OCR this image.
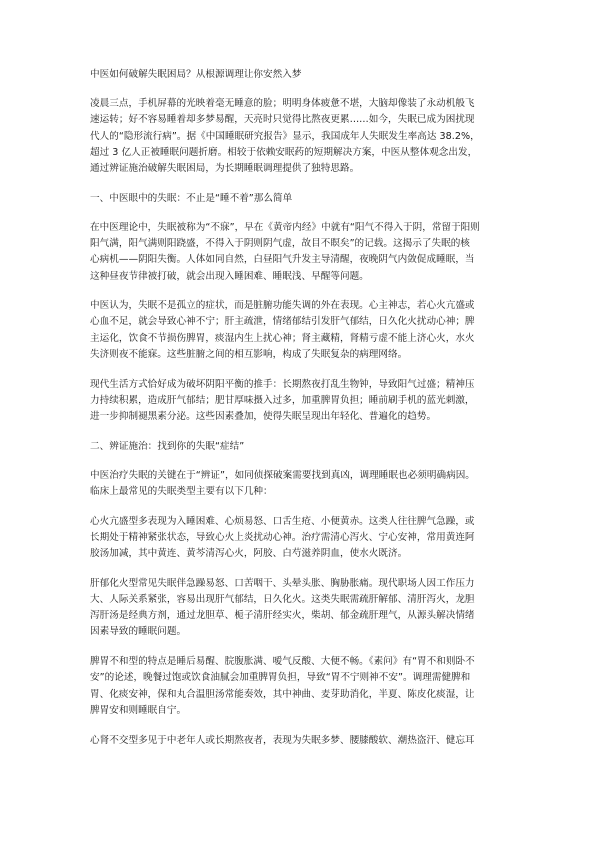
中医如何破解失眠困局？从根源调理让你安然入梦
凌晨三点，手机屏幕的光映着毫无睡意的脸；明明身体疲惫不堪，大脑却像装了永动机般飞
速运转；好不容易睡着却多梦易醒，天亮时只觉得比熬夜更累……如今，失眠已成为困扰现
代人的“隐形流行病”。据《中国睡眠研究报告》显示，我国成年人失眠发生率高达 38.2%，
超过 3 亿人正被睡眠问题折磨。相较于依赖安眠药的短期解决方案，中医从整体观念出发，
通过辨证施治破解失眠困局，为长期睡眠调理提供了独特思路。
一、中医眼中的失眠：不止是“睡不着”那么简单
在中医理论中，失眠被称为“不寐”，早在《黄帝内经》中就有“阳气不得入于阴，常留于阳则
阳气满，阳气满则阳跷盛，不得入于阴则阴气虚，故目不瞑矣”的记载。这揭示了失眠的核
心病机——阴阳失衡。人体如同自然，白昼阳气升发主导清醒，夜晚阴气内敛促成睡眠，当
这种昼夜节律被打破，就会出现入睡困难、睡眠浅、早醒等问题。
中医认为，失眠不是孤立的症状，而是脏腑功能失调的外在表现。心主神志，若心火亢盛或
心血不足，就会导致心神不宁；肝主疏泄，情绪郁结引发肝气郁结，日久化火扰动心神；脾
主运化，饮食不节损伤脾胃，痰湿内生上扰心神；肾主藏精，肾精亏虚不能上济心火，水火
失济则夜不能寐。这些脏腑之间的相互影响，构成了失眠复杂的病理网络。
现代生活方式恰好成为破坏阴阳平衡的推手：长期熬夜打乱生物钟，导致阳气过盛；精神压
力持续积累，造成肝气郁结；肥甘厚味摄入过多，加重脾胃负担；睡前刷手机的蓝光刺激，
进一步抑制褪黑素分泌。这些因素叠加，使得失眠呈现出年轻化、普遍化的趋势。
二、辨证施治：找到你的失眠“症结”
中医治疗失眠的关键在于“辨证”，如同侦探破案需要找到真凶，调理睡眠也必须明确病因。
临床上最常见的失眠类型主要有以下几种：
心火亢盛型多表现为入睡困难、心烦易怒、口舌生疮、小便黄赤。这类人往往脾气急躁，或
长期处于精神紧张状态，导致心火上炎扰动心神。治疗需清心泻火、宁心安神，常用黄连阿
胶汤加减，其中黄连、黄芩清泻心火，阿胶、白芍滋养阴血，使水火既济。
肝郁化火型常见失眠伴急躁易怒、口苦咽干、头晕头胀、胸胁胀痛。现代职场人因工作压力
大、人际关系紧张，容易出现肝气郁结，日久化火。这类失眠需疏肝解郁、清肝泻火，龙胆
泻肝汤是经典方剂，通过龙胆草、栀子清肝经实火，柴胡、郁金疏肝理气，从源头解决情绪
因素导致的睡眠问题。
脾胃不和型的特点是睡后易醒、脘腹胀满、嗳气反酸、大便不畅。《素问》有“胃不和则卧不
安”的论述，晚餐过饱或饮食油腻会加重脾胃负担，导致“胃不宁则神不安”。调理需健脾和
胃、化痰安神，保和丸合温胆汤常能奏效，其中神曲、麦芽助消化，半夏、陈皮化痰湿，让
脾胃安和则睡眠自宁。
心肾不交型多见于中老年人或长期熬夜者，表现为失眠多梦、腰膝酸软、潮热盗汗、健忘耳
